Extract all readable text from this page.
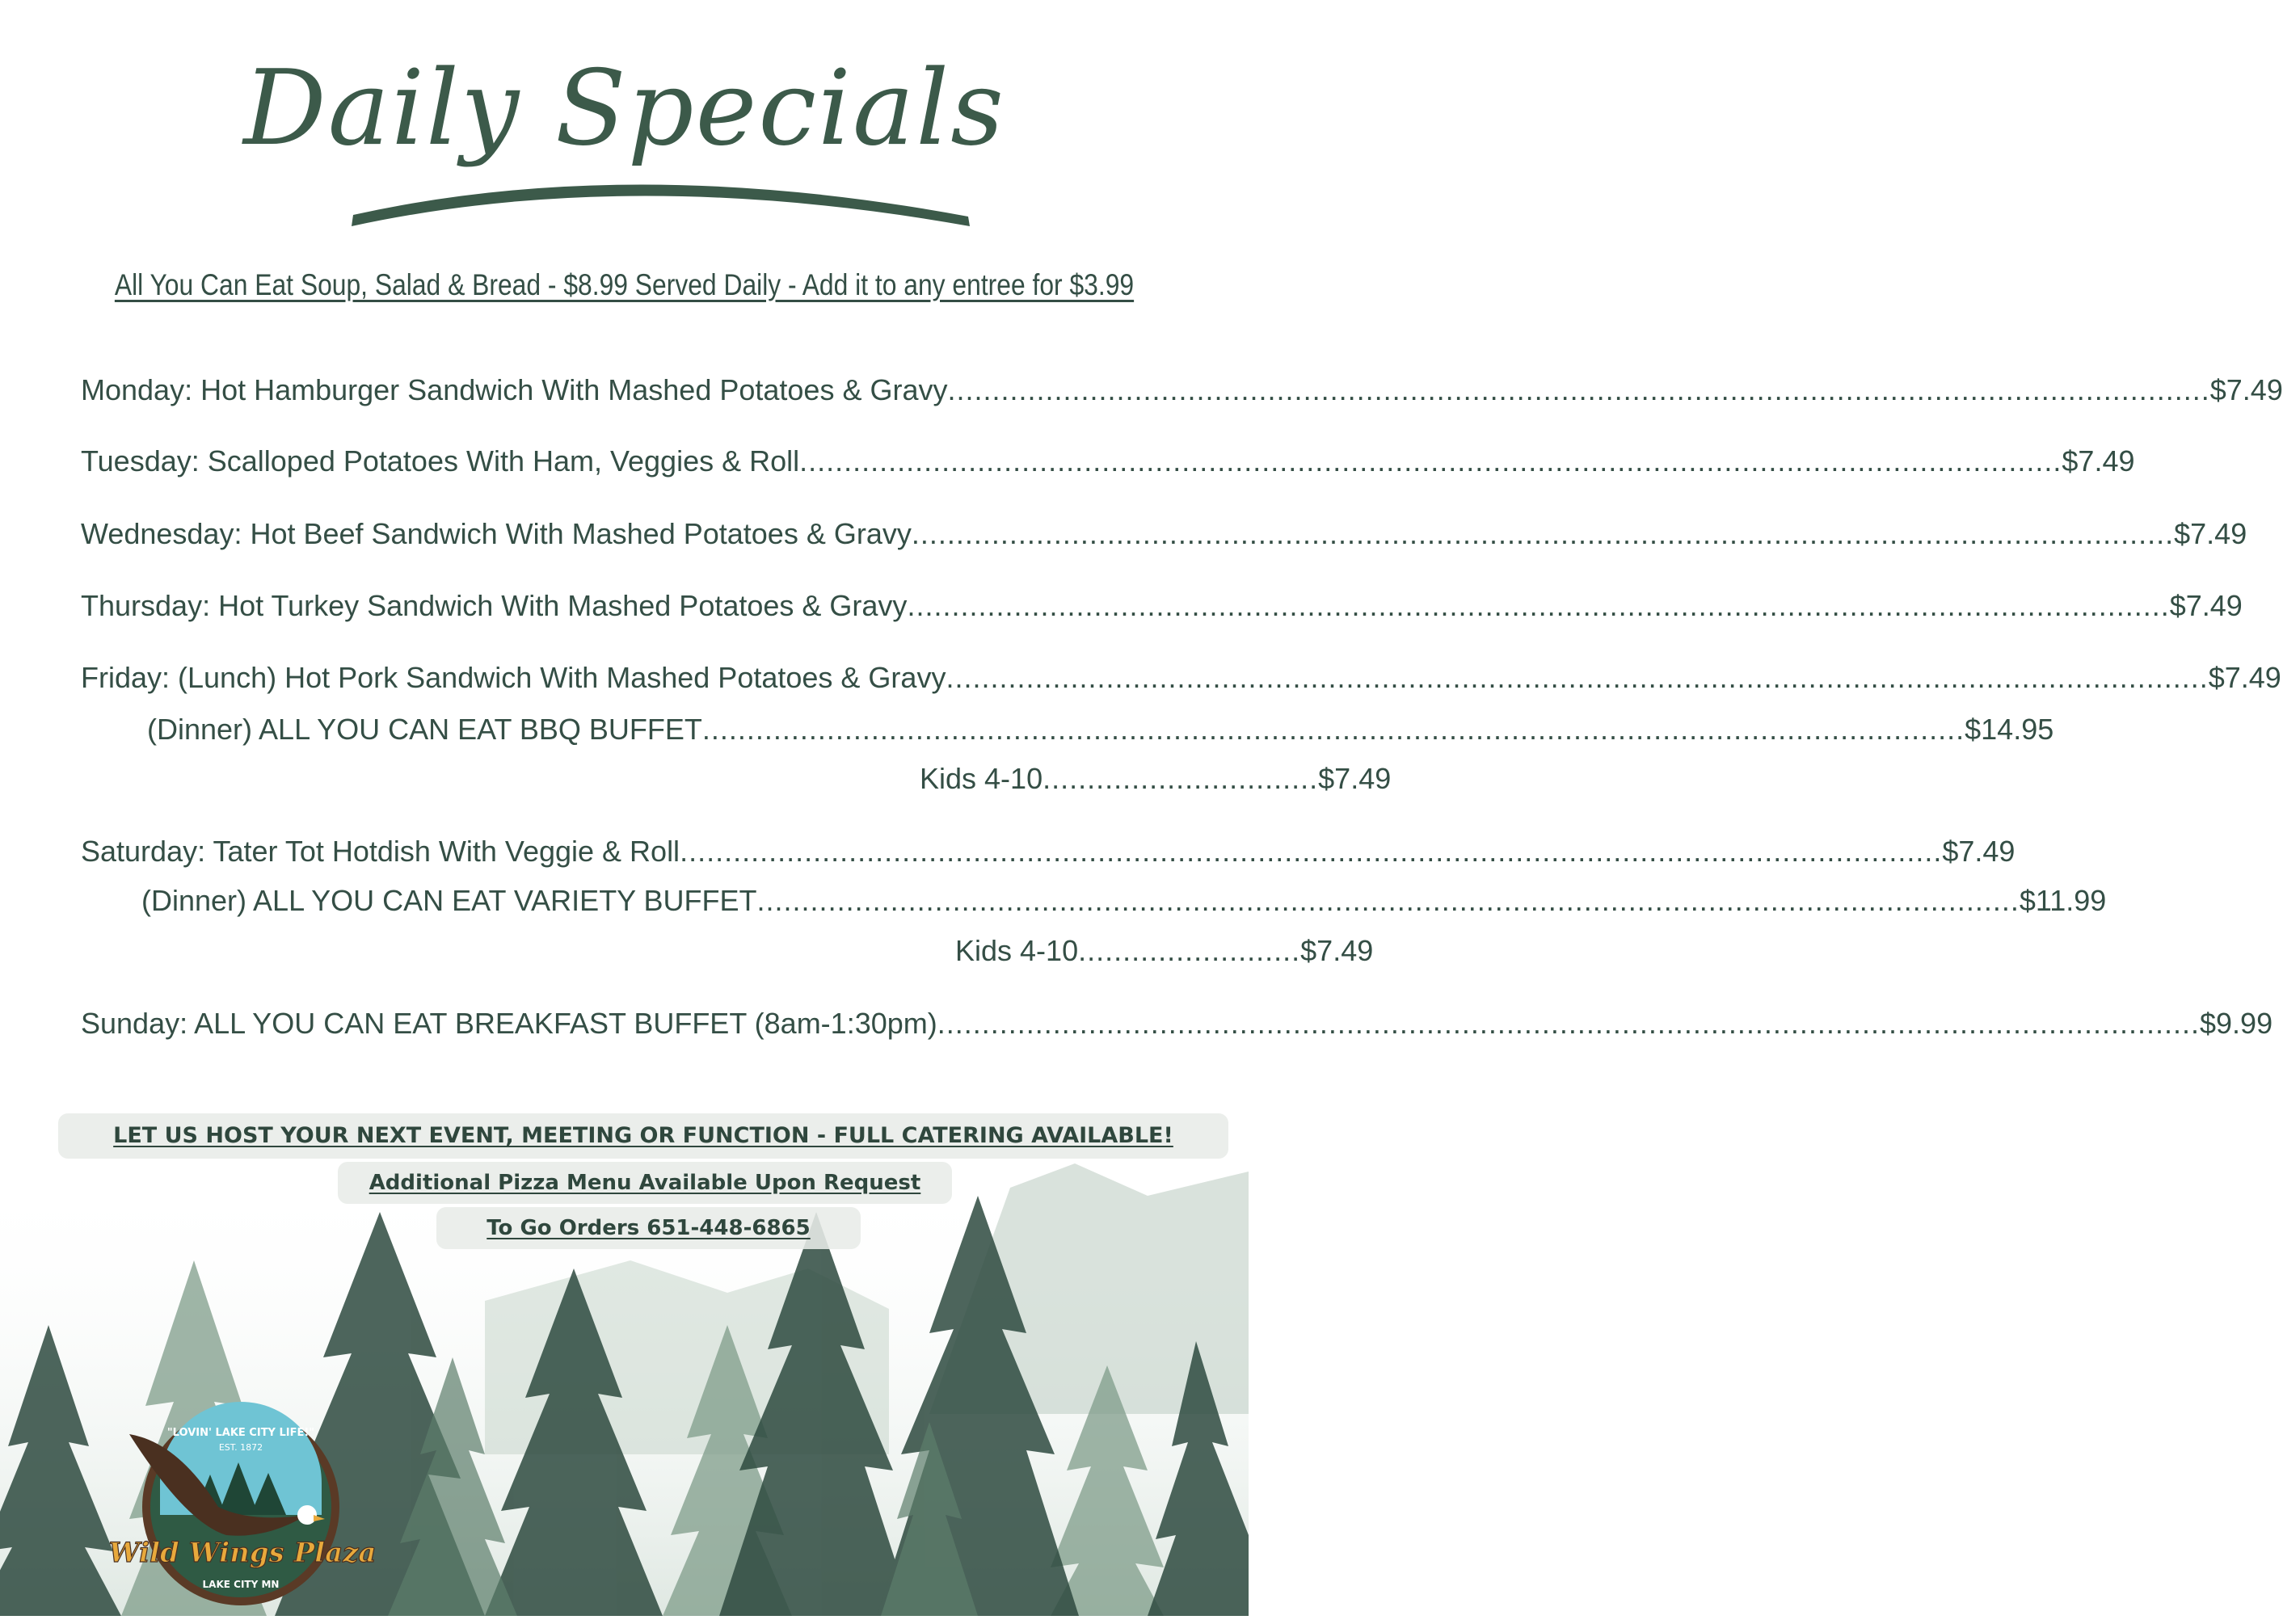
Daily Specials
All You Can Eat Soup, Salad & Bread - $8.99 Served Daily - Add it to any entree for $3.99
Monday: Hot Hamburger Sandwich With Mashed Potatoes & Gravy .............................................................................................................................................. $7.49
Tuesday: Scalloped Potatoes With Ham, Veggies & Roll .............................................................................................................................................. $7.49
Wednesday: Hot Beef Sandwich With Mashed Potatoes & Gravy .............................................................................................................................................. $7.49
Thursday: Hot Turkey Sandwich With Mashed Potatoes & Gravy .............................................................................................................................................. $7.49
Friday: (Lunch) Hot Pork Sandwich With Mashed Potatoes & Gravy .............................................................................................................................................. $7.49
(Dinner) ALL YOU CAN EAT BBQ BUFFET .............................................................................................................................................. $14.95
Kids 4-10 ............................... $7.49
Saturday: Tater Tot Hotdish With Veggie & Roll .............................................................................................................................................. $7.49
(Dinner) ALL YOU CAN EAT VARIETY BUFFET .............................................................................................................................................. $11.99
Kids 4-10 ......................... $7.49
Sunday: ALL YOU CAN EAT BREAKFAST BUFFET (8am-1:30pm) .............................................................................................................................................. $9.99
LET US HOST YOUR NEXT EVENT, MEETING OR FUNCTION - FULL CATERING AVAILABLE!
Additional Pizza Menu Available Upon Request
To Go Orders 651-448-6865
"LOVIN' LAKE CITY LIFE!"
EST. 1872
Wild Wings Plaza
LAKE CITY MN
